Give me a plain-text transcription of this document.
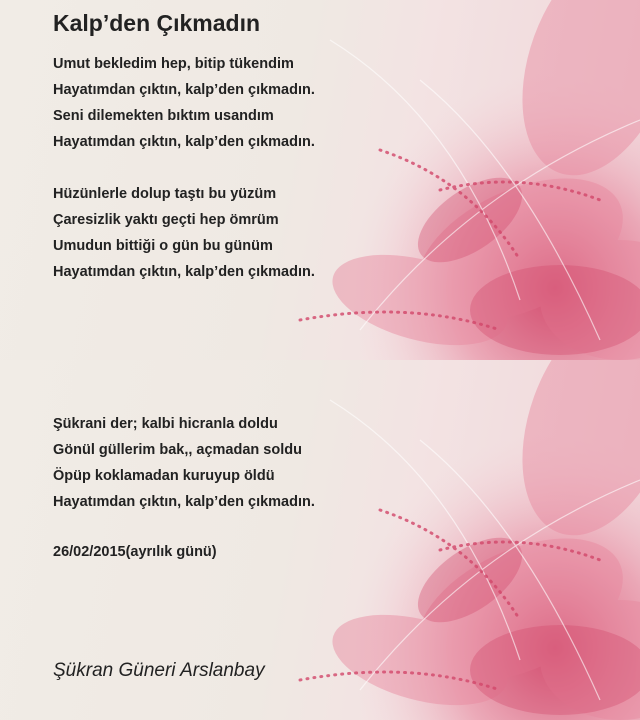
Kalp’den Çıkmadın

Umut bekledim hep, bitip tükendim

Hayatımdan çıktın, kalp’den çıkmadın.

Seni dilemekten bıktım usandım

Hayatımdan çıktın, kalp’den çıkmadın.

Hüzünlerle dolup taştı bu yüzüm

Çaresizlik yaktı geçti hep ömrüm

Umudun bittiği o gün bu günüm

Hayatımdan çıktın, kalp’den çıkmadın.

Şükrani der; kalbi hicranla doldu

Gönül güllerim bak,, açmadan soldu

Öpüp koklamadan kuruyup öldü

Hayatımdan çıktın, kalp’den çıkmadın.

26/02/2015(ayrılık günü)

Şükran Güneri Arslanbay
